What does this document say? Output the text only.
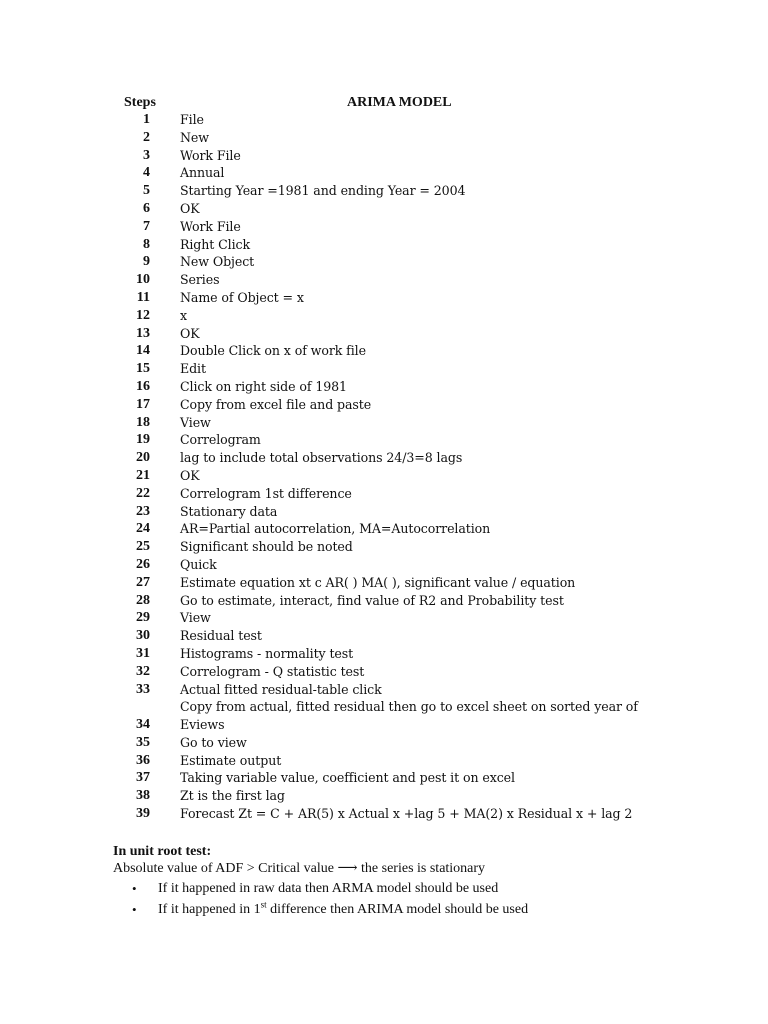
Steps	ARIMA MODEL
1 File
2 New
3 Work File
4 Annual
5 Starting Year =1981 and ending Year = 2004
6 OK
7 Work File
8 Right Click
9 New Object
10 Series
11 Name of Object = x
12 x
13 OK
14 Double Click on x of work file
15 Edit
16 Click on right side of 1981
17 Copy from excel file and paste
18 View
19 Correlogram
20 lag to include total observations 24/3=8 lags
21 OK
22 Correlogram 1st difference
23 Stationary data
24 AR=Partial autocorrelation, MA=Autocorrelation
25 Significant should be noted
26 Quick
27 Estimate equation xt c AR( ) MA( ), significant value / equation
28 Go to estimate, interact, find value of R2 and Probability test
29 View
30 Residual test
31 Histograms - normality test
32 Correlogram - Q statistic test
33 Actual fitted residual-table click
34
Copy from actual, fitted residual then go to excel sheet on sorted year of
Eviews
35 Go to view
36 Estimate output
37 Taking variable value, coefficient and pest it on excel
38 Zt is the first lag
39 Forecast Zt = C + AR(5) x Actual x +lag 5 + MA(2) x Residual x + lag 2
In unit root test:
Absolute value of ADF > Critical value ⟶ the series is stationary
• If it happened in raw data then ARMA model should be used
• If it happened in 1st difference then ARIMA model should be used
